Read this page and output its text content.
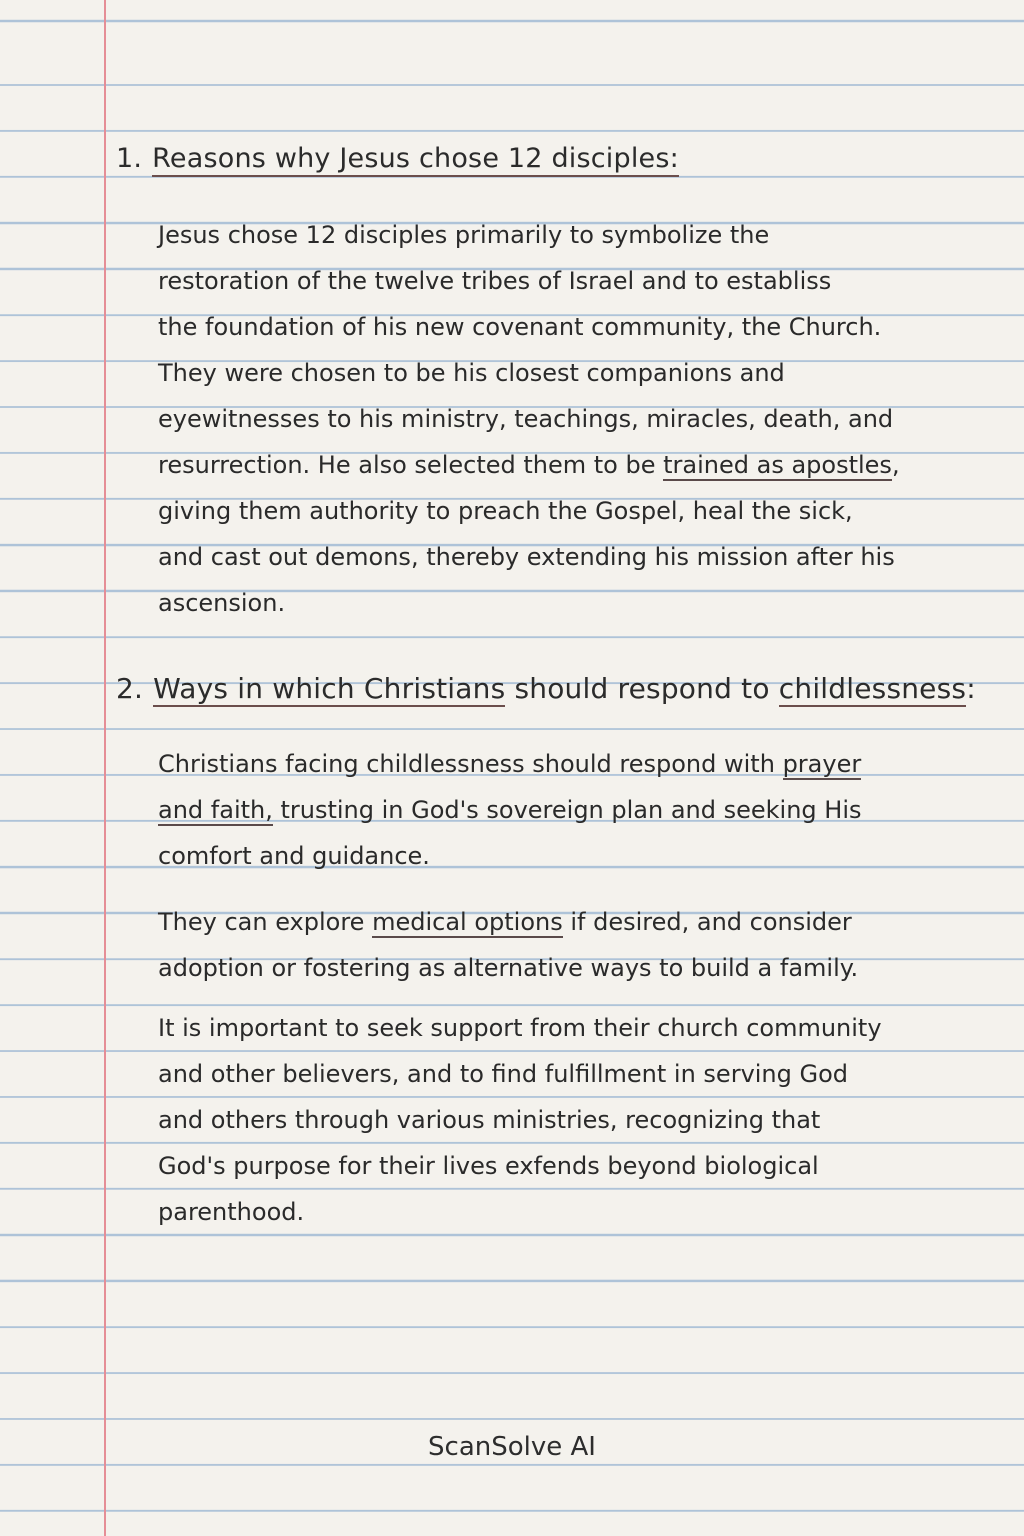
1. Reasons why Jesus chose 12 disciples:
Jesus chose 12 disciples primarily to symbolize the
restoration of the twelve tribes of Israel and to establiss
the foundation of his new covenant community, the Church.
They were chosen to be his closest companions and
eyewitnesses to his ministry, teachings, miracles, death, and
resurrection. He also selected them to be trained as apostles,
giving them authority to preach the Gospel, heal the sick,
and cast out demons, thereby extending his mission after his
ascension.
2. Ways in which Christians should respond to childlessness:
Christians facing childlessness should respond with prayer
and faith, trusting in God's sovereign plan and seeking His
comfort and guidance.
They can explore medical options if desired, and consider
adoption or fostering as alternative ways to build a family.
It is important to seek support from their church community
and other believers, and to find fulfillment in serving God
and others through various ministries, recognizing that
God's purpose for their lives exfends beyond biological
parenthood.
ScanSolve AI
